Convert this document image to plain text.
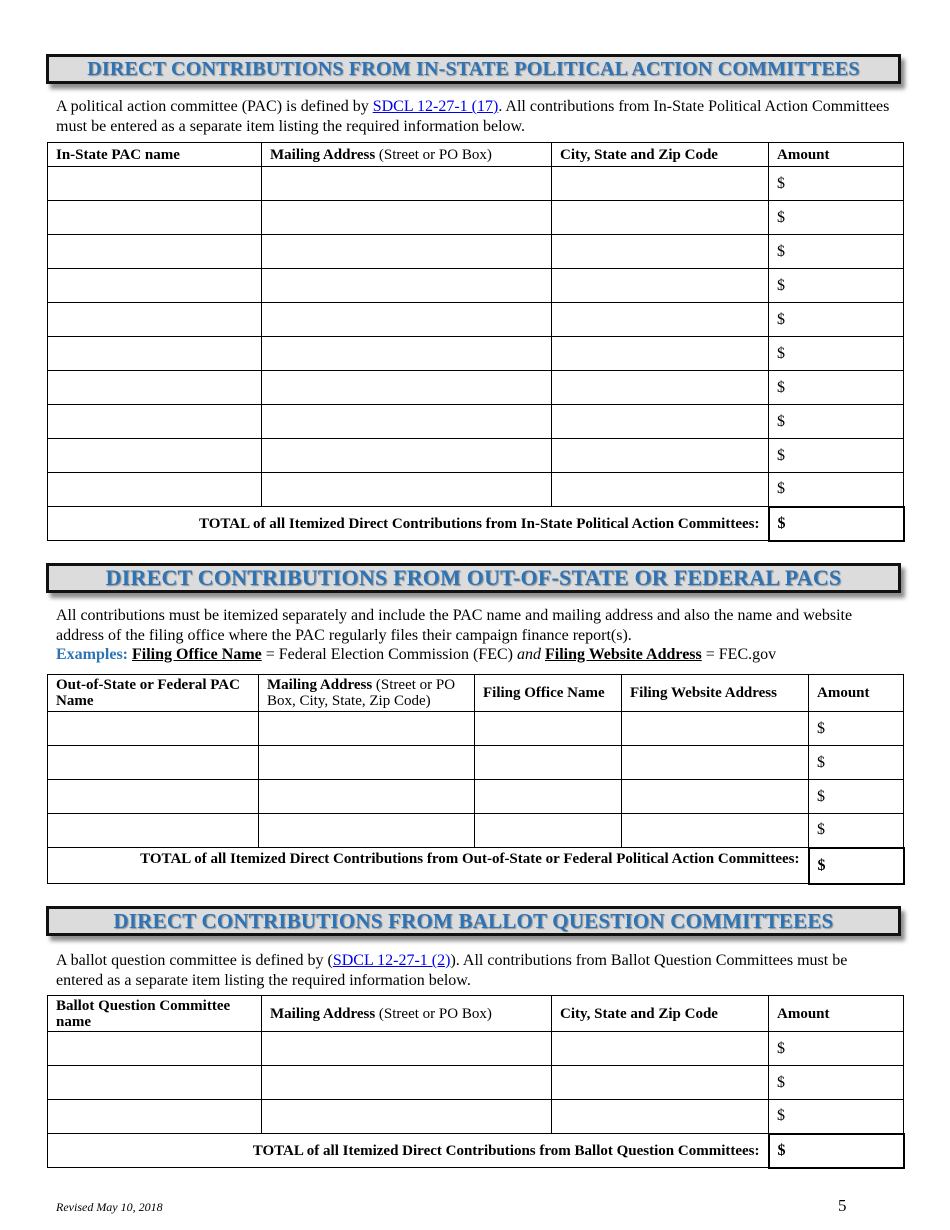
DIRECT CONTRIBUTIONS FROM IN-STATE POLITICAL ACTION COMMITTEES
A political action committee (PAC) is defined by SDCL 12-27-1 (17). All contributions from In-State Political Action Committees must be entered as a separate item listing the required information below.
In-State PAC name	Mailing Address (Street or PO Box)	City, State and Zip Code	Amount
			$
			$
			$
			$
			$
			$
			$
			$
			$
			$
TOTAL of all Itemized Direct Contributions from In-State Political Action Committees:			$
DIRECT CONTRIBUTIONS FROM OUT-OF-STATE OR FEDERAL PACS
All contributions must be itemized separately and include the PAC name and mailing address and also the name and website address of the filing office where the PAC regularly files their campaign finance report(s).
Examples: Filing Office Name = Federal Election Commission (FEC) and Filing Website Address = FEC.gov
Out-of-State or Federal PAC Name	Mailing Address (Street or PO Box, City, State, Zip Code)	Filing Office Name	Filing Website Address	Amount
				$
				$
				$
				$
TOTAL of all Itemized Direct Contributions from Out-of-State or Federal Political Action Committees:				$
DIRECT CONTRIBUTIONS FROM BALLOT QUESTION COMMITTEEES
A ballot question committee is defined by (SDCL 12-27-1 (2)). All contributions from Ballot Question Committees must be entered as a separate item listing the required information below.
Ballot Question Committee name	Mailing Address (Street or PO Box)	City, State and Zip Code	Amount
			$
			$
			$
TOTAL of all Itemized Direct Contributions from Ballot Question Committees:			$
Revised May 10, 2018	5
